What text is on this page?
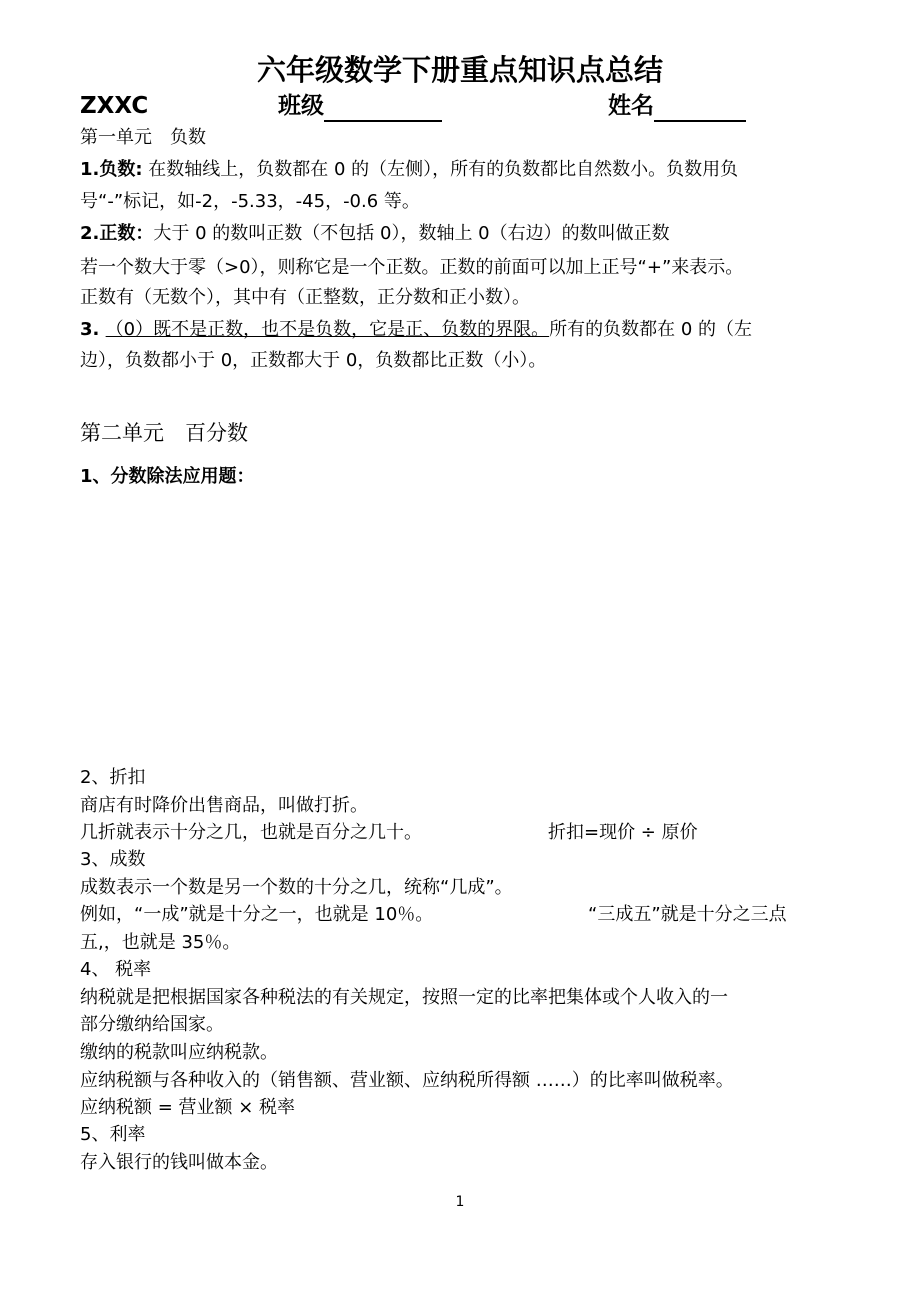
六年级数学下册重点知识点总结
ZXXC	班级	姓名
第一单元　负数
1.负数: 在数轴线上，负数都在 0 的（左侧），所有的负数都比自然数小。负数用负
号“-”标记，如-2，-5.33，-45，-0.6 等。
2.正数：大于 0 的数叫正数（不包括 0），数轴上 0（右边）的数叫做正数
若一个数大于零（>0），则称它是一个正数。正数的前面可以加上正号“+”来表示。
正数有（无数个），其中有（正整数，正分数和正小数）。
3. （0）既不是正数，也不是负数，它是正、负数的界限。所有的负数都在 0 的（左
边），负数都小于 0，正数都大于 0，负数都比正数（小）。
第二单元　百分数
1、分数除法应用题：
2、折扣
商店有时降价出售商品，叫做打折。
几折就表示十分之几，也就是百分之几十。	折扣=现价 ÷ 原价
3、成数
成数表示一个数是另一个数的十分之几，统称“几成”。
例如，“一成”就是十分之一，也就是 10％。	“三成五”就是十分之三点
五,，也就是 35％。
4、 税率
纳税就是把根据国家各种税法的有关规定，按照一定的比率把集体或个人收入的一
部分缴纳给国家。
缴纳的税款叫应纳税款。
应纳税额与各种收入的（销售额、营业额、应纳税所得额 ……）的比率叫做税率。
应纳税额 = 营业额 × 税率
5、利率
存入银行的钱叫做本金。
1
